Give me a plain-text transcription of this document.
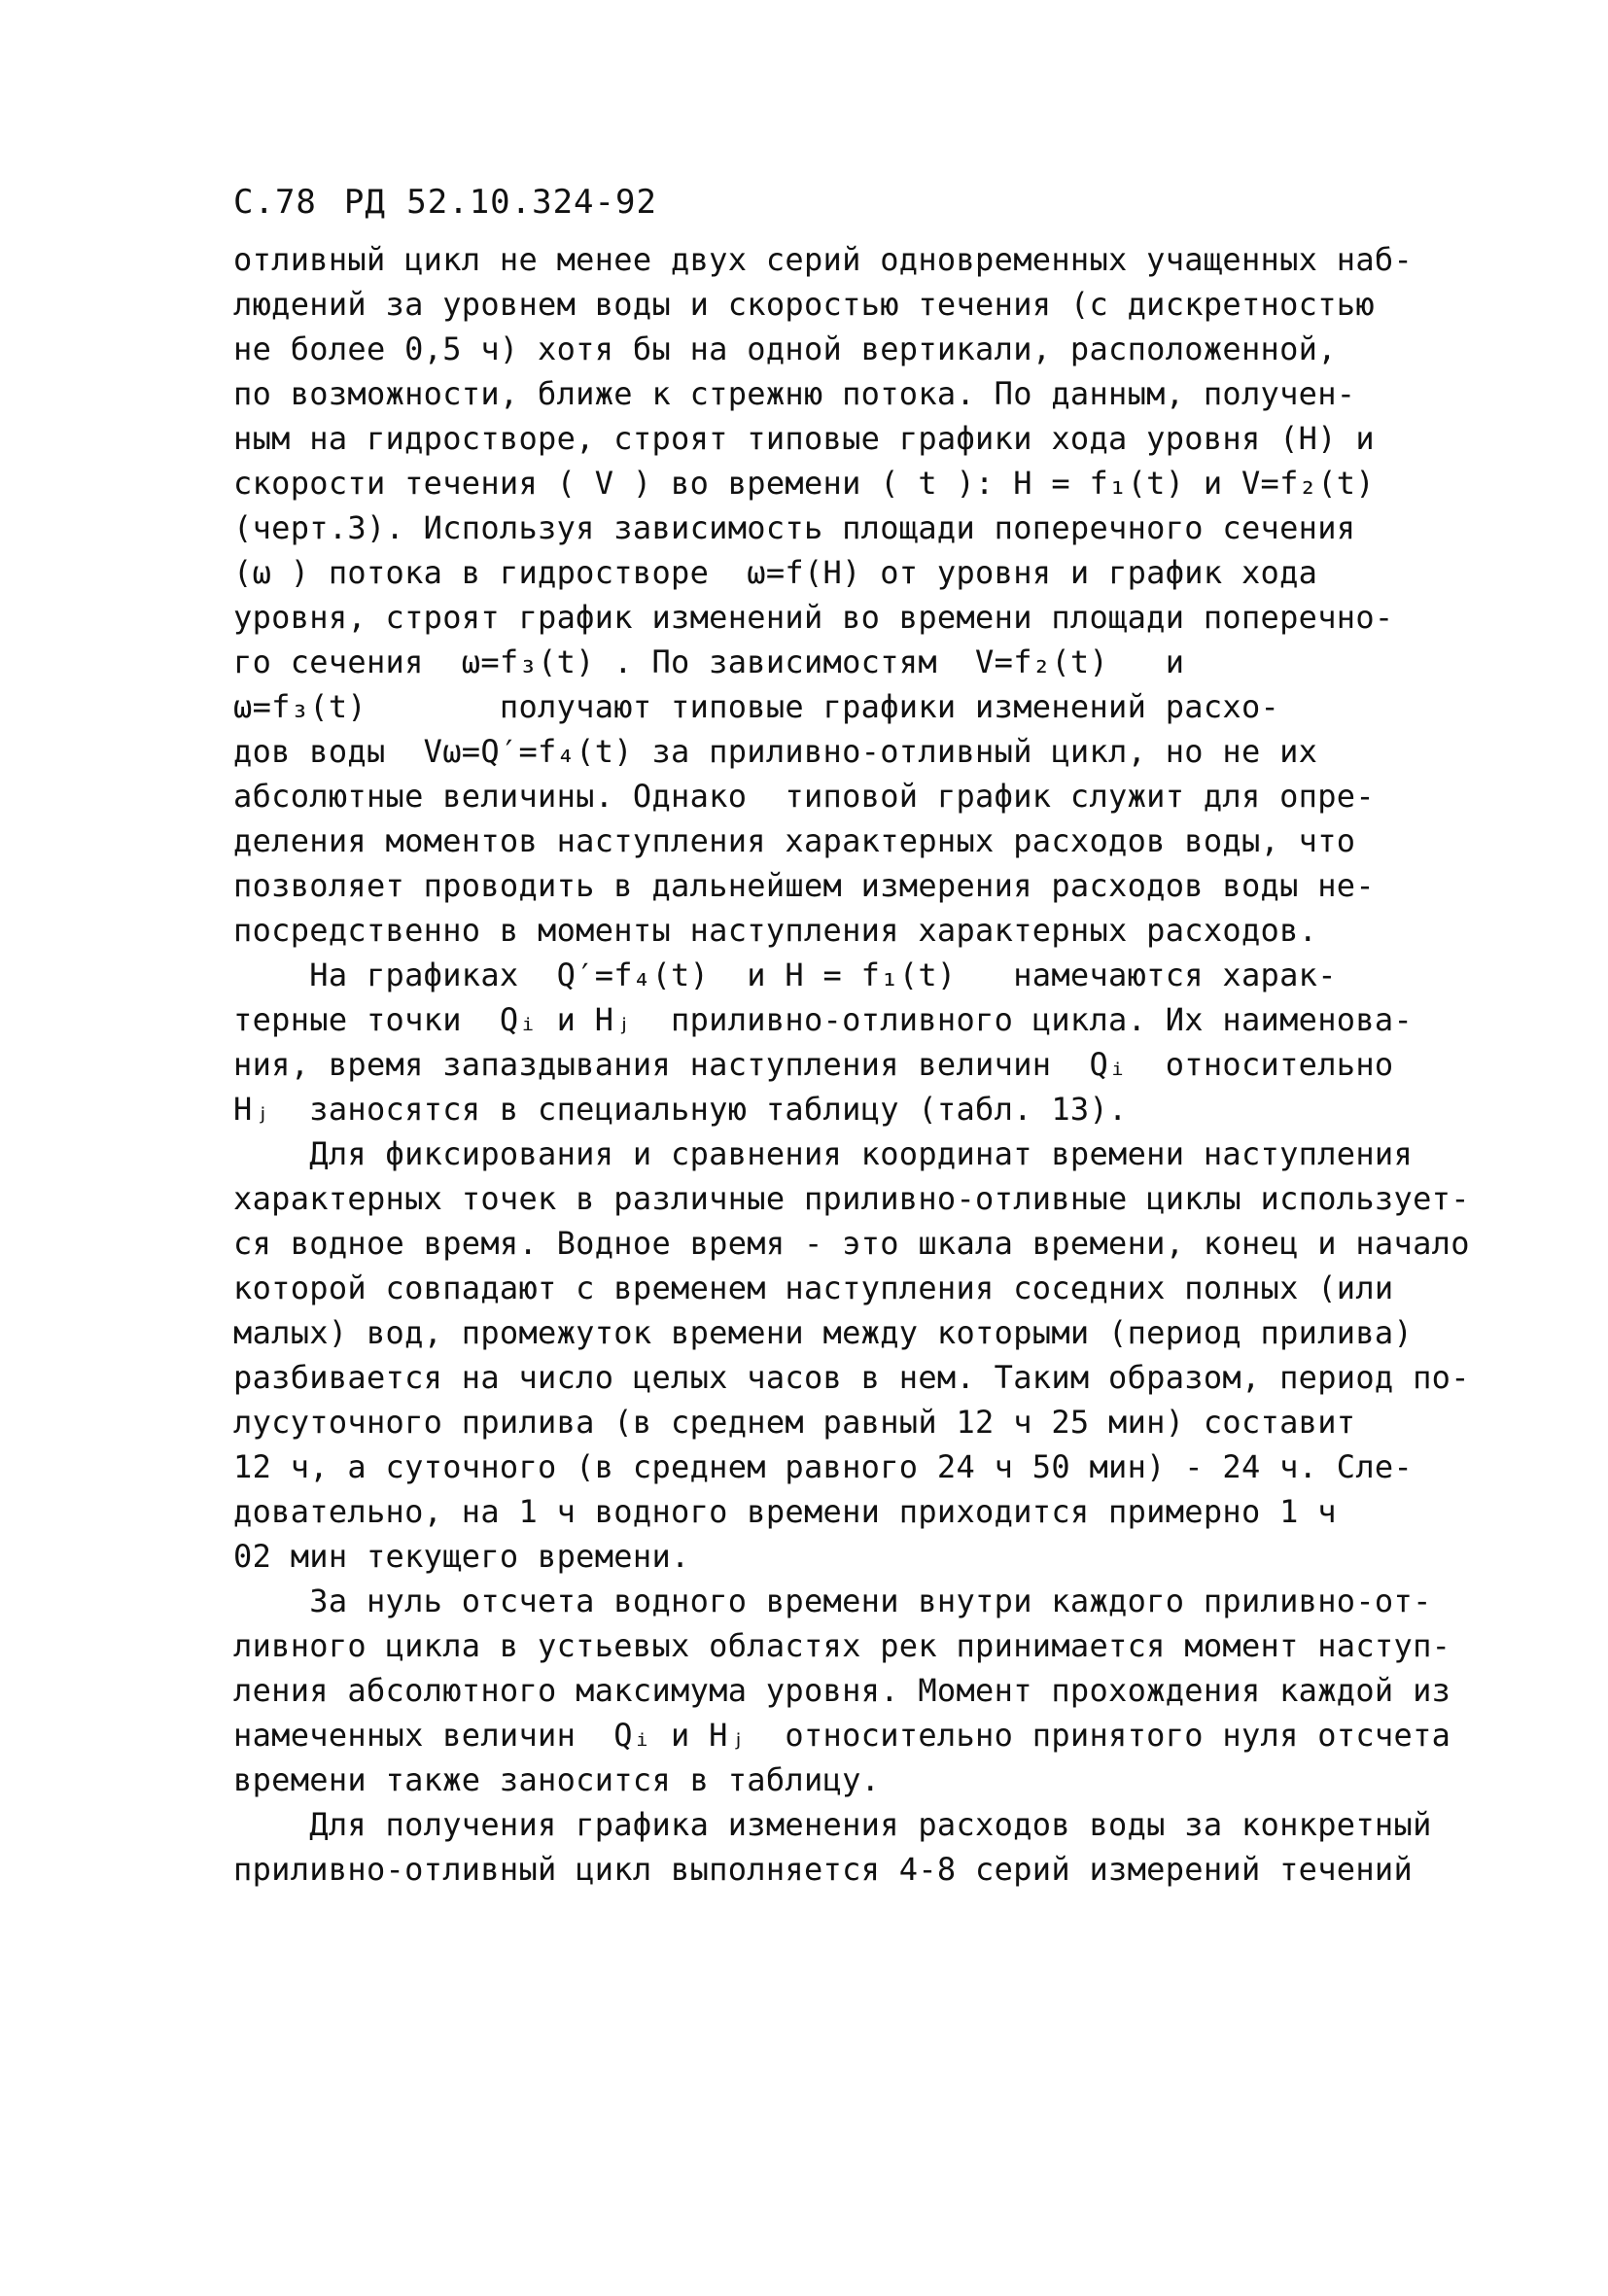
С.78 РД 52.10.324-92
отливный цикл не менее двух серий одновременных учащенных наб-
людений за уровнем воды и скоростью течения (с дискретностью
не более 0,5 ч) хотя бы на одной вертикали, расположенной,
по возможности, ближе к стрежню потока. По данным, получен-
ным на гидростворе, строят типовые графики хода уровня (Н) и
скорости течения ( V ) во времени ( t ): Н = f₁(t) и V=f₂(t)
(черт.3). Используя зависимость площади поперечного сечения
(ω ) потока в гидростворе  ω=f(H) от уровня и график хода
уровня, строят график изменений во времени площади поперечно-
го сечения  ω=f₃(t) . По зависимостям  V=f₂(t)   и
ω=f₃(t)       получают типовые графики изменений расхо-
дов воды  Vω=Q′=f₄(t) за приливно-отливный цикл, но не их
абсолютные величины. Однако  типовой график служит для опре-
деления моментов наступления характерных расходов воды, что
позволяет проводить в дальнейшем измерения расходов воды не-
посредственно в моменты наступления характерных расходов.
На графиках  Q′=f₄(t)  и Н = f₁(t)   намечаются харак-
терные точки  Qᵢ и Hⱼ  приливно-отливного цикла. Их наименова-
ния, время запаздывания наступления величин  Qᵢ  относительно
Hⱼ  заносятся в специальную таблицу (табл. 13).
Для фиксирования и сравнения координат времени наступления
характерных точек в различные приливно-отливные циклы использует-
ся водное время. Водное время - это шкала времени, конец и начало
которой совпадают с временем наступления соседних полных (или
малых) вод, промежуток времени между которыми (период прилива)
разбивается на число целых часов в нем. Таким образом, период по-
лусуточного прилива (в среднем равный 12 ч 25 мин) составит
12 ч, а суточного (в среднем равного 24 ч 50 мин) - 24 ч. Сле-
довательно, на 1 ч водного времени приходится примерно 1 ч
02 мин текущего времени.
За нуль отсчета водного времени внутри каждого приливно-от-
ливного цикла в устьевых областях рек принимается момент наступ-
ления абсолютного максимума уровня. Момент прохождения каждой из
намеченных величин  Qᵢ и Hⱼ  относительно принятого нуля отсчета
времени также заносится в таблицу.
Для получения графика изменения расходов воды за конкретный
приливно-отливный цикл выполняется 4-8 серий измерений течений
